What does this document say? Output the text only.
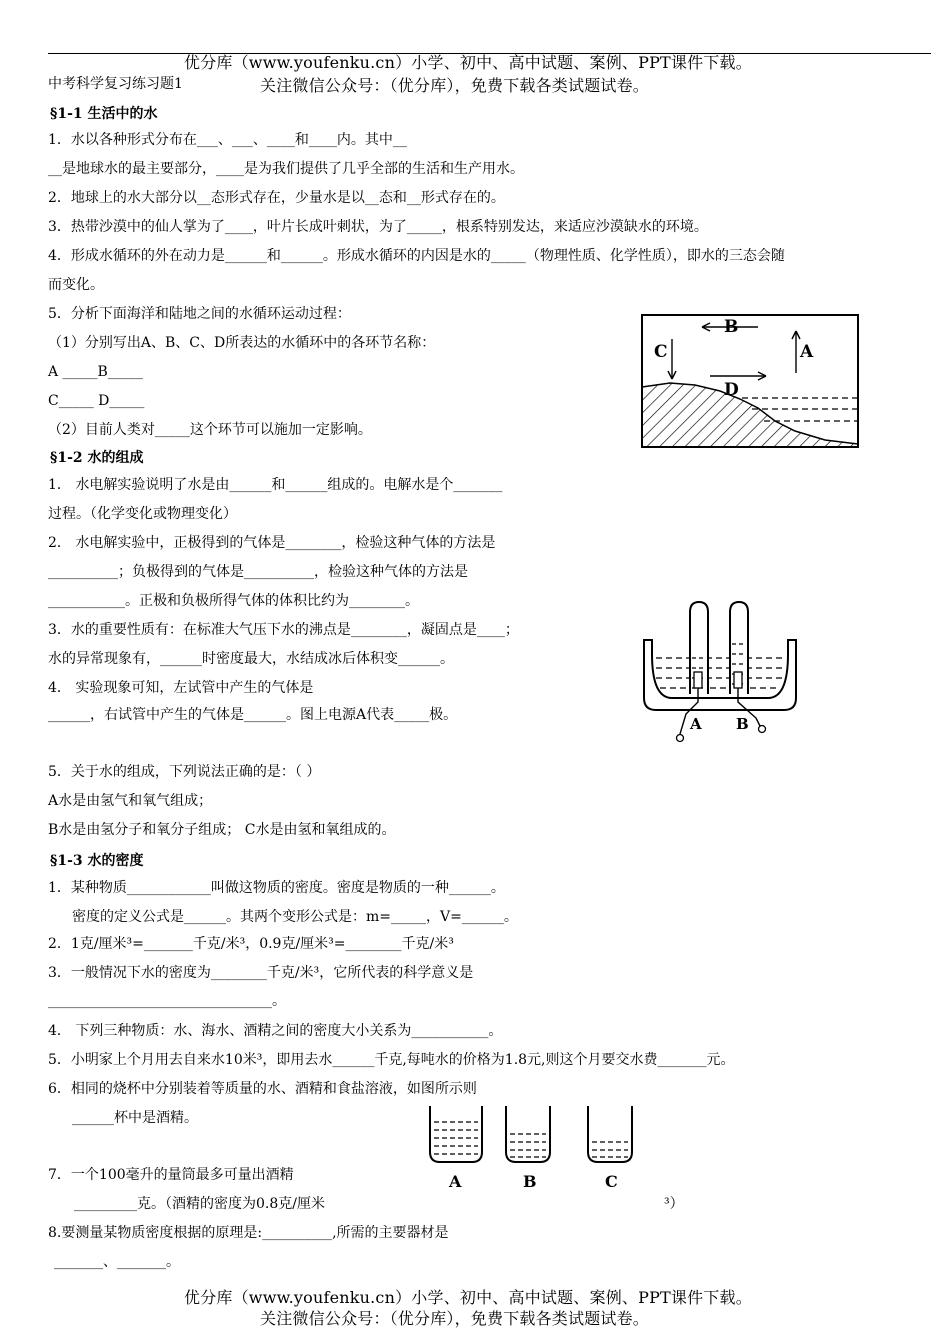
优分库（www.youfenku.cn）小学、初中、高中试题、案例、PPT课件下载。
中考科学复习练习题1	关注微信公众号：（优分库），免费下载各类试题试卷。
§1-1 生活中的水
1．水以各种形式分布在___、___、____和____内。其中__
__是地球水的最主要部分，____是为我们提供了几乎全部的生活和生产用水。
2．地球上的水大部分以__态形式存在，少量水是以__态和__形式存在的。
3．热带沙漠中的仙人掌为了____，叶片长成叶刺状，为了_____，根系特别发达，来适应沙漠缺水的环境。
4．形成水循环的外在动力是______和______。形成水循环的内因是水的_____（物理性质、化学性质），即水的三态会随
而变化。
5．分析下面海洋和陆地之间的水循环运动过程：
（1）分别写出A、B、C、D所表达的水循环中的各环节名称：
A _____B_____
C_____ D_____
（2）目前人类对_____这个环节可以施加一定影响。
B
C	A
D
§1-2 水的组成
1． 水电解实验说明了水是由______和______组成的。电解水是个_______
过程。（化学变化或物理变化）
2． 水电解实验中，正极得到的气体是________，检验这种气体的方法是
__________；负极得到的气体是__________，检验这种气体的方法是
___________。正极和负极所得气体的体积比约为________。
3．水的重要性质有：在标准大气压下水的沸点是________，凝固点是____；
水的异常现象有，______时密度最大，水结成冰后体积变______。
4． 实验现象可知，左试管中产生的气体是
______，右试管中产生的气体是______。图上电源A代表_____极。
5．关于水的组成，下列说法正确的是：（ ）
A水是由氢气和氧气组成；
B水是由氢分子和氧分子组成； C水是由氢和氧组成的。
A B
§1-3 水的密度
1．某种物质____________叫做这物质的密度。密度是物质的一种______。
密度的定义公式是______。其两个变形公式是：m=_____，V=______。
2．1克/厘米³=_______千克/米³，0.9克/厘米³=________千克/米³
3．一般情况下水的密度为________千克/米³，它所代表的科学意义是
________________________________。
4． 下列三种物质：水、海水、酒精之间的密度大小关系为___________。
5．小明家上个月用去自来水10米³，即用去水______千克,每吨水的价格为1.8元,则这个月要交水费_______元。
6．相同的烧杯中分别装着等质量的水、酒精和食盐溶液，如图所示则
______杯中是酒精。
7．一个100毫升的量筒最多可量出酒精
_________克。（酒精的密度为0.8克/厘米	³）
8.要测量某物质密度根据的原理是:__________,所需的主要器材是
_______、_______。
A	B	C
优分库（www.youfenku.cn）小学、初中、高中试题、案例、PPT课件下载。
关注微信公众号：（优分库），免费下载各类试题试卷。
